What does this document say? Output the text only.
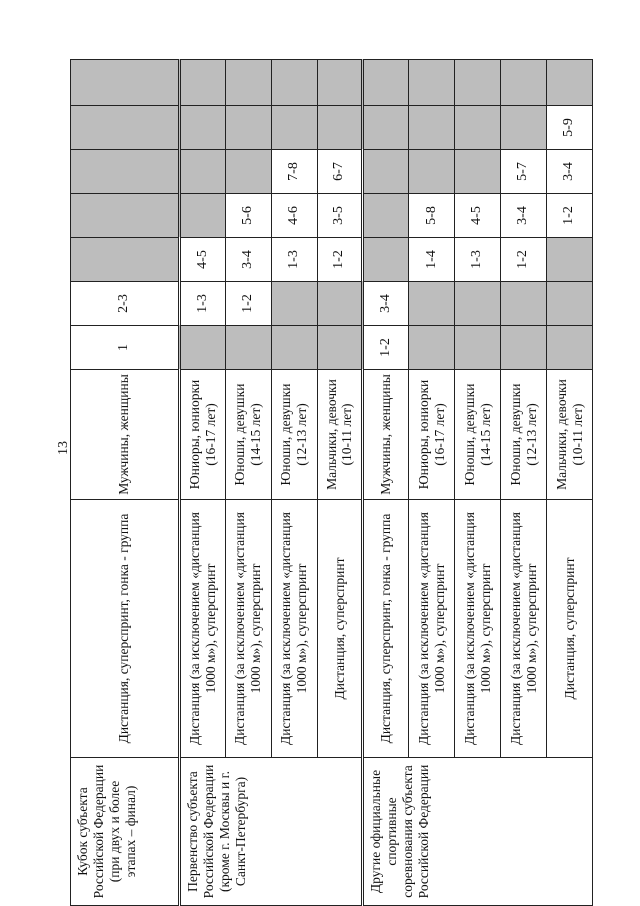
13
Кубок субъекта Российской Федерации (при двух и более этапах – финал)	Дистанция, суперспринт, гонка - группа	Мужчины, женщины	1	2-3					
Первенство субъекта Российской Федерации (кроме г. Москвы и г. Санкт-Петербурга)	Дистанция (за исключением «дистанция 1000 м»), суперспринт	Юниоры, юниорки (16-17 лет)		1-3	4-5				
	Дистанция (за исключением «дистанция 1000 м»), суперспринт	Юноши, девушки (14-15 лет)		1-2	3-4	5-6			
	Дистанция (за исключением «дистанция 1000 м»), суперспринт	Юноши, девушки (12-13 лет)			1-3	4-6	7-8		
	Дистанция, суперспринт	Мальчики, девочки (10-11 лет)			1-2	3-5	6-7		
Другие официальные спортивные соревнования субъекта Российской Федерации	Дистанция, суперспринт, гонка - группа	Мужчины, женщины	1-2	3-4					
	Дистанция (за исключением «дистанция 1000 м»), суперспринт	Юниоры, юниорки (16-17 лет)			1-4	5-8			
	Дистанция (за исключением «дистанция 1000 м»), суперспринт	Юноши, девушки (14-15 лет)			1-3	4-5			
	Дистанция (за исключением «дистанция 1000 м»), суперспринт	Юноши, девушки (12-13 лет)			1-2	3-4	5-7		
	Дистанция, суперспринт	Мальчики, девочки (10-11 лет)				1-2	3-4	5-9	
